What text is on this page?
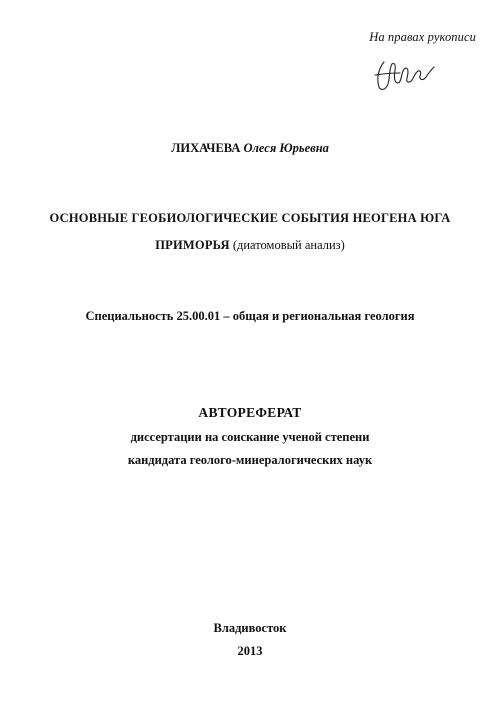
На правах рукописи
ЛИХАЧЕВА Олеся Юрьевна
ОСНОВНЫЕ ГЕОБИОЛОГИЧЕСКИЕ СОБЫТИЯ НЕОГЕНА ЮГА
ПРИМОРЬЯ (диатомовый анализ)
Специальность 25.00.01 – общая и региональная геология
АВТОРЕФЕРАТ
диссертации на соискание ученой степени
кандидата геолого-минералогических наук
Владивосток
2013
